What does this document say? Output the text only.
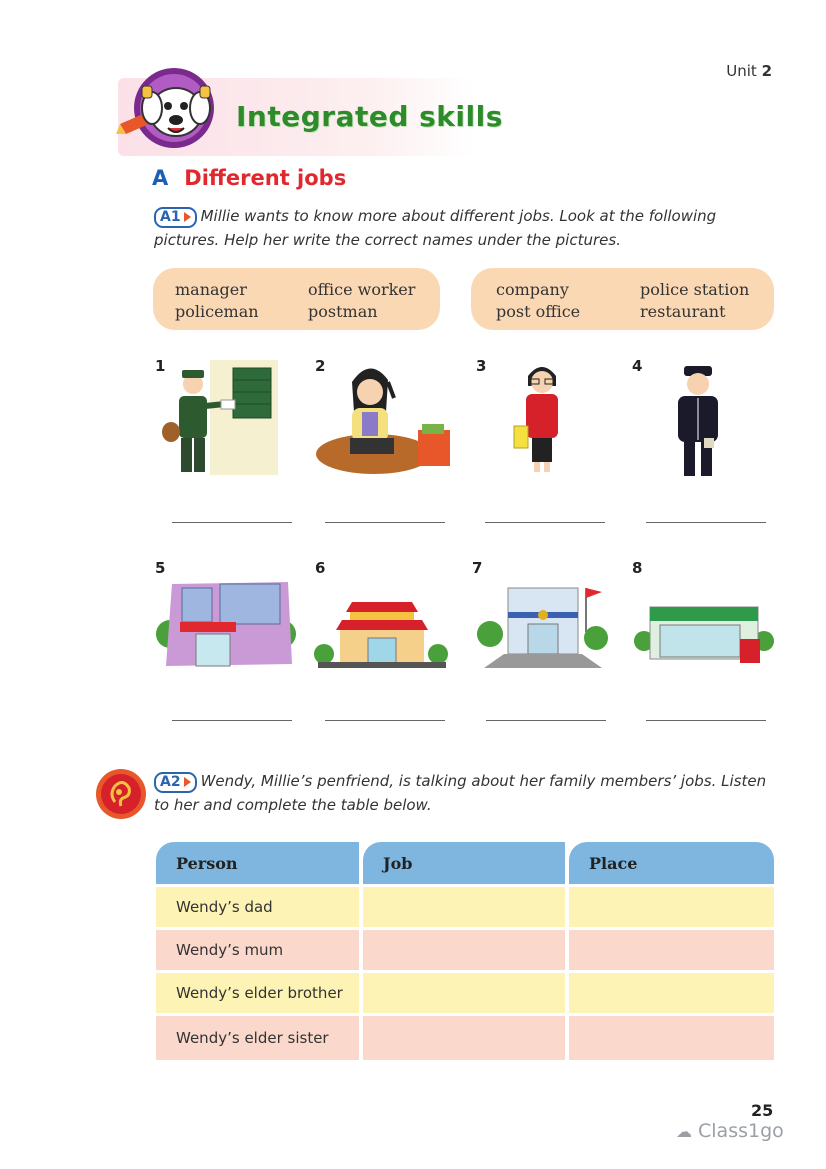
Unit 2
Integrated skills
A Different jobs
A1 Millie wants to know more about different jobs. Look at the following pictures. Help her write the correct names under the pictures.
manager	office worker
policeman	postman
company	police station
post office	restaurant
1	2	3	4
5	6	7	8
A2 Wendy, Millie’s penfriend, is talking about her family members’ jobs. Listen to her and complete the table below.
Person	Job	Place
Wendy’s dad		
Wendy’s mum		
Wendy’s elder brother		
Wendy’s elder sister		
25
☁ Class1go
